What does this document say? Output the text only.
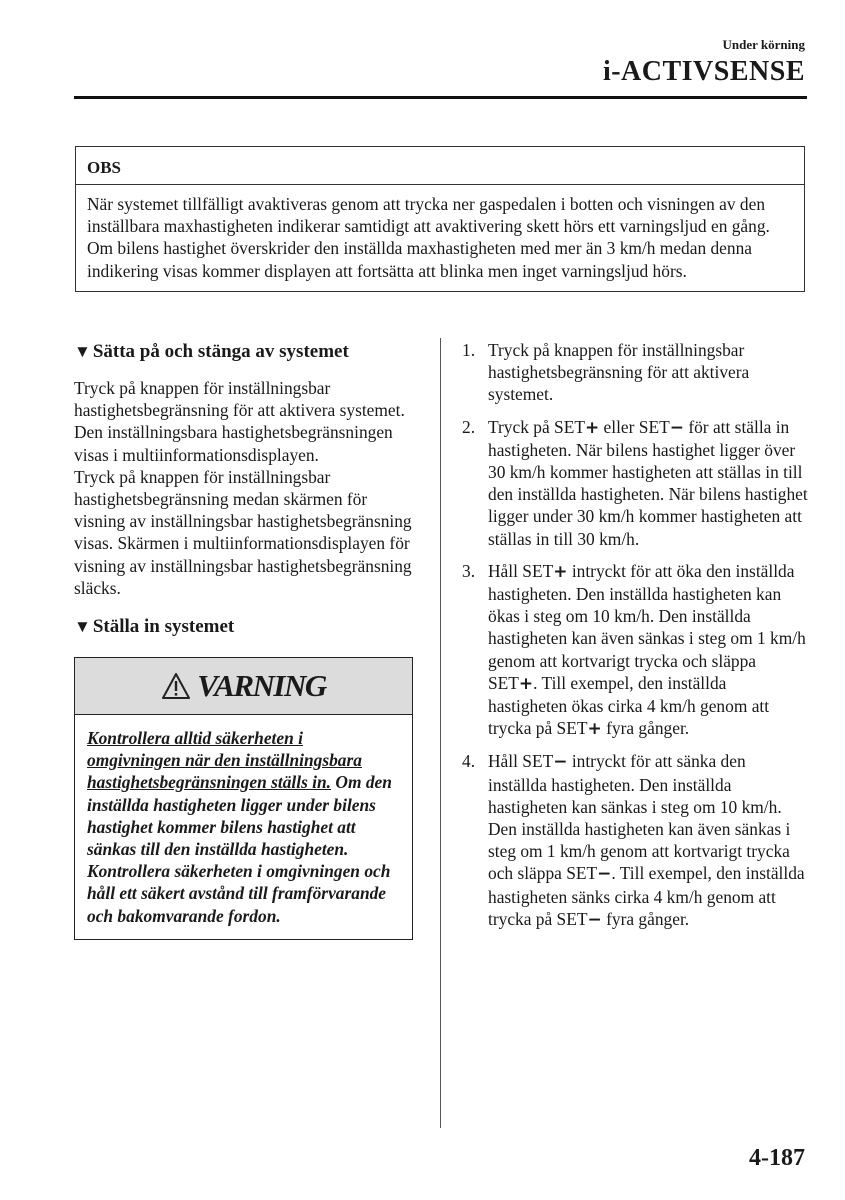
Under körning
i-ACTIVSENSE
OBS
När systemet tillfälligt avaktiveras genom att trycka ner gaspedalen i botten och visningen av den inställbara maxhastigheten indikerar samtidigt att avaktivering skett hörs ett varningsljud en gång. Om bilens hastighet överskrider den inställda maxhastigheten med mer än 3 km/h medan denna indikering visas kommer displayen att fortsätta att blinka men inget varningsljud hörs.
▼ Sätta på och stänga av systemet
Tryck på knappen för inställningsbar hastighetsbegränsning för att aktivera systemet. Den inställningsbara hastighetsbegränsningen visas i multiinformationsdisplayen.
Tryck på knappen för inställningsbar hastighetsbegränsning medan skärmen för visning av inställningsbar hastighetsbegränsning visas. Skärmen i multiinformationsdisplayen för visning av inställningsbar hastighetsbegränsning släcks.
▼ Ställa in systemet
VARNING
Kontrollera alltid säkerheten i omgivningen när den inställningsbara hastighetsbegränsningen ställs in. Om den inställda hastigheten ligger under bilens hastighet kommer bilens hastighet att sänkas till den inställda hastigheten. Kontrollera säkerheten i omgivningen och håll ett säkert avstånd till framförvarande och bakomvarande fordon.
1. Tryck på knappen för inställningsbar hastighetsbegränsning för att aktivera systemet.
2. Tryck på SET+ eller SET− för att ställa in hastigheten. När bilens hastighet ligger över 30 km/h kommer hastigheten att ställas in till den inställda hastigheten. När bilens hastighet ligger under 30 km/h kommer hastigheten att ställas in till 30 km/h.
3. Håll SET+ intryckt för att öka den inställda hastigheten. Den inställda hastigheten kan ökas i steg om 10 km/h. Den inställda hastigheten kan även sänkas i steg om 1 km/h genom att kortvarigt trycka och släppa SET+. Till exempel, den inställda hastigheten ökas cirka 4 km/h genom att trycka på SET+ fyra gånger.
4. Håll SET− intryckt för att sänka den inställda hastigheten. Den inställda hastigheten kan sänkas i steg om 10 km/h. Den inställda hastigheten kan även sänkas i steg om 1 km/h genom att kortvarigt trycka och släppa SET−. Till exempel, den inställda hastigheten sänks cirka 4 km/h genom att trycka på SET− fyra gånger.
4-187
